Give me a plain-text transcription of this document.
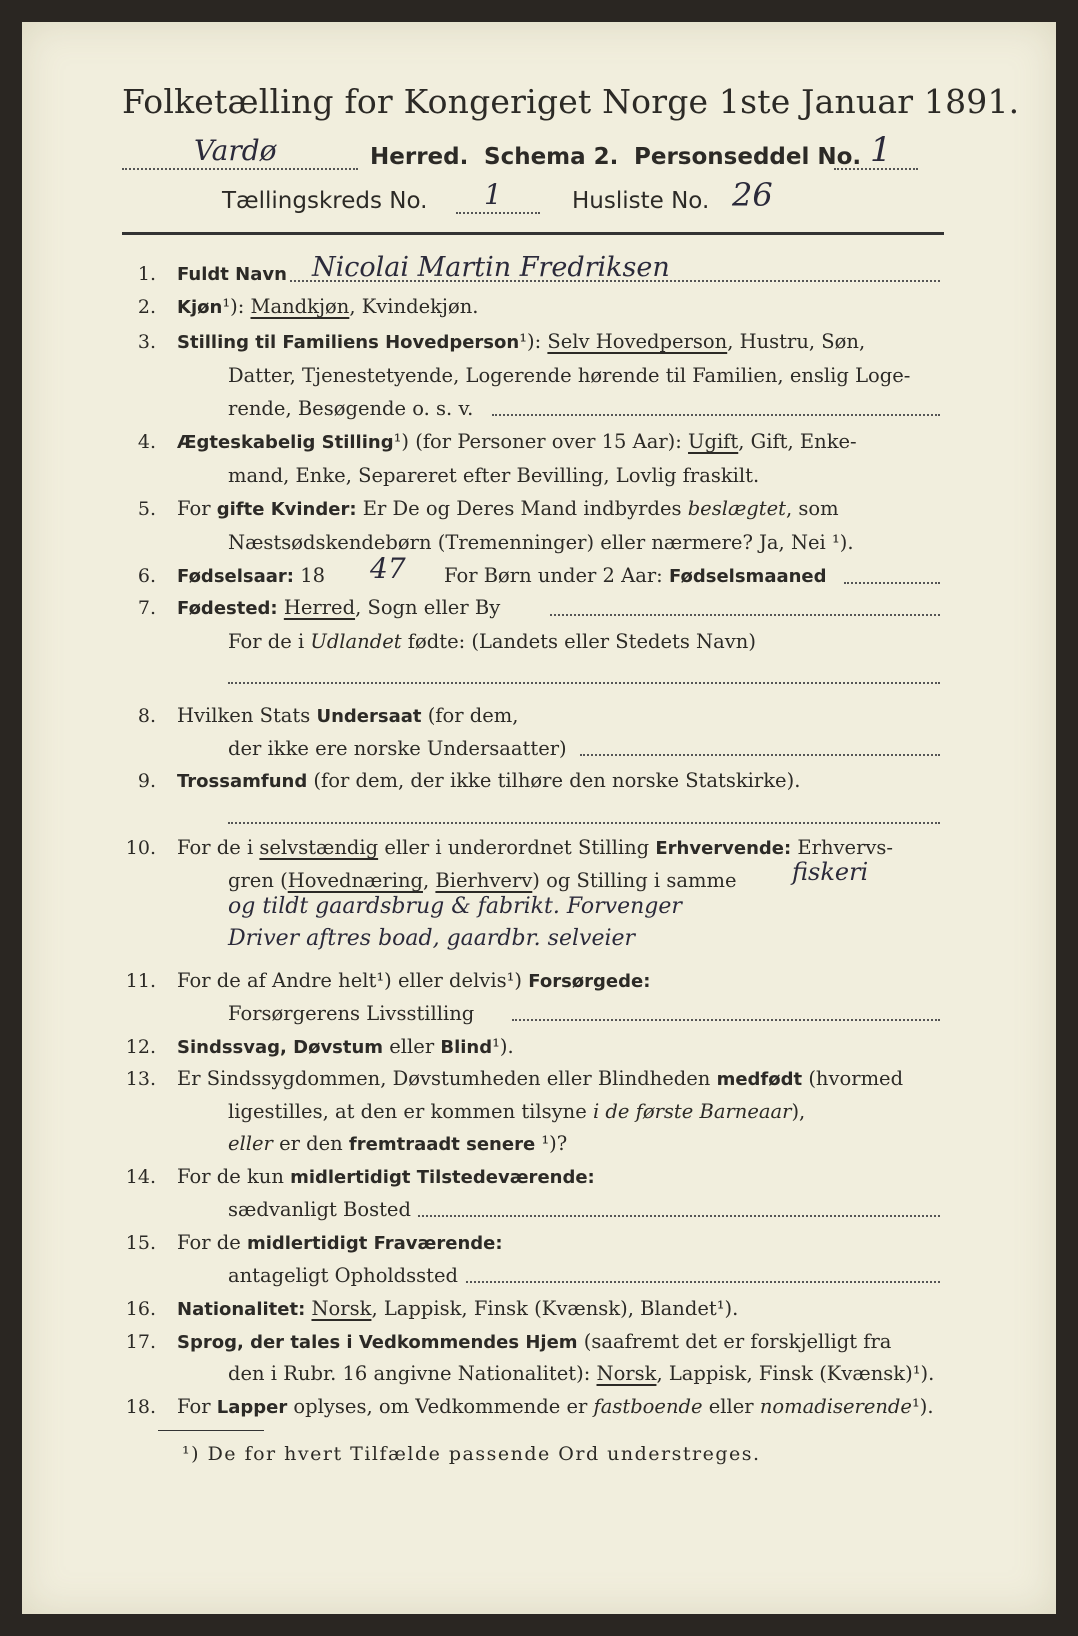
Folketælling for Kongeriget Norge 1ste Januar 1891.
Vardø	Herred. Schema 2. Personseddel No. 1
Tællingskreds No. 1	Husliste No. 26
1. Fuldt Navn Nicolai Martin Fredriksen
2. Kjøn¹): Mandkjøn, Kvindekjøn.
3. Stilling til Familiens Hovedperson¹): Selv Hovedperson, Hustru, Søn,
Datter, Tjenestetyende, Logerende hørende til Familien, enslig Loge-
rende, Besøgende o. s. v.
4. Ægteskabelig Stilling¹) (for Personer over 15 Aar): Ugift, Gift, Enke-
mand, Enke, Separeret efter Bevilling, Lovlig fraskilt.
5. For gifte Kvinder: Er De og Deres Mand indbyrdes beslægtet, som
Næstsødskendebørn (Tremenninger) eller nærmere? Ja, Nei ¹).
6. Fødselsaar: 18 47 For Børn under 2 Aar: Fødselsmaaned
7. Fødested: Herred, Sogn eller By
For de i Udlandet fødte: (Landets eller Stedets Navn)
8. Hvilken Stats Undersaat (for dem,
der ikke ere norske Undersaatter)
9. Trossamfund (for dem, der ikke tilhøre den norske Statskirke).
10. For de i selvstændig eller i underordnet Stilling Erhvervende: Erhvervs-
gren (Hovednæring, Bierhverv) og Stilling i samme fiskeri
og tildt gaardsbrug & fabrikt. Forvenger
Driver aftres boad, gaardbr. selveier
11. For de af Andre helt¹) eller delvis¹) Forsørgede:
Forsørgerens Livsstilling
12. Sindssvag, Døvstum eller Blind¹).
13. Er Sindssygdommen, Døvstumheden eller Blindheden medfødt (hvormed
ligestilles, at den er kommen tilsyne i de første Barneaar),
eller er den fremtraadt senere ¹)?
14. For de kun midlertidigt Tilstedeværende:
sædvanligt Bosted
15. For de midlertidigt Fraværende:
antageligt Opholdssted
16. Nationalitet: Norsk, Lappisk, Finsk (Kvænsk), Blandet¹).
17. Sprog, der tales i Vedkommendes Hjem (saafremt det er forskjelligt fra
den i Rubr. 16 angivne Nationalitet): Norsk, Lappisk, Finsk (Kvænsk)¹).
18. For Lapper oplyses, om Vedkommende er fastboende eller nomadiserende¹).
¹) De for hvert Tilfælde passende Ord understreges.
